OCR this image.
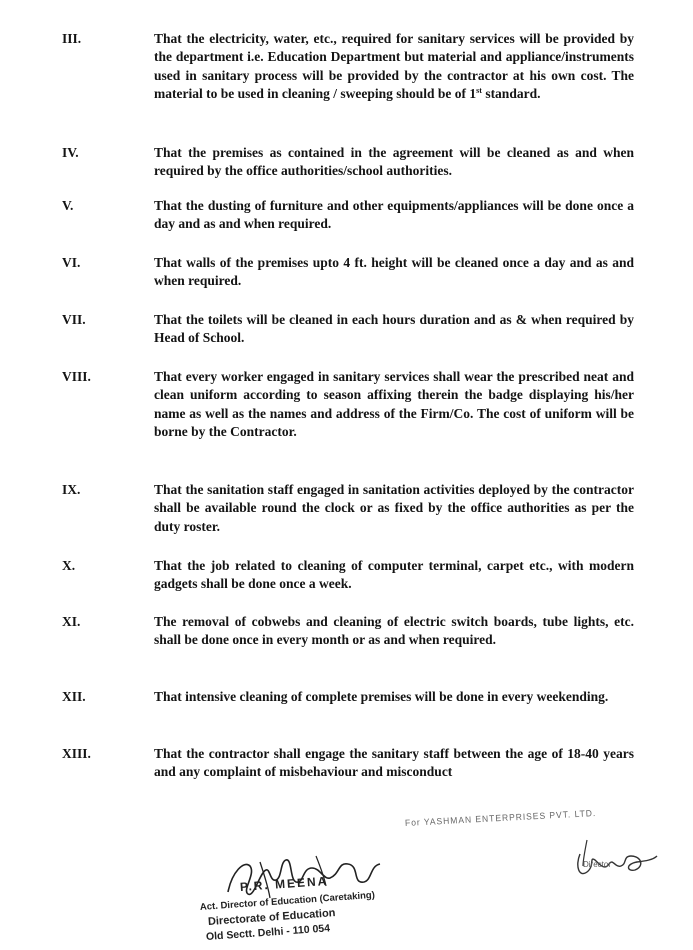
III.	That the electricity, water, etc., required for sanitary services will be provided by the department i.e. Education Department but material and appliance/instruments used in sanitary process will be provided by the contractor at his own cost. The material to be used in cleaning / sweeping should be of 1st standard.
IV.	That the premises as contained in the agreement will be cleaned as and when required by the office authorities/school authorities.
V.	That the dusting of furniture and other equipments/appliances will be done once a day and as and when required.
VI.	That walls of the premises upto 4 ft. height will be cleaned once a day and as and when required.
VII.	That the toilets will be cleaned in each hours duration and as & when required by Head of School.
VIII.	That every worker engaged in sanitary services shall wear the prescribed neat and clean uniform according to season affixing therein the badge displaying his/her name as well as the names and address of the Firm/Co. The cost of uniform will be borne by the Contractor.
IX.	That the sanitation staff engaged in sanitation activities deployed by the contractor shall be available round the clock or as fixed by the office authorities as per the duty roster.
X.	That the job related to cleaning of computer terminal, carpet etc., with modern gadgets shall be done once a week.
XI.	The removal of cobwebs and cleaning of electric switch boards, tube lights, etc. shall be done once in every month or as and when required.
XII.	That intensive cleaning of complete premises will be done in every weekending.
XIII.	That the contractor shall engage the sanitary staff between the age of 18-40 years and any complaint of misbehaviour and misconduct
For YASHMAN ENTERPRISES PVT. LTD.
Director
P.R. MEENA
Act. Director of Education (Caretaking)
Directorate of Education
Old Sectt. Delhi - 110 054
